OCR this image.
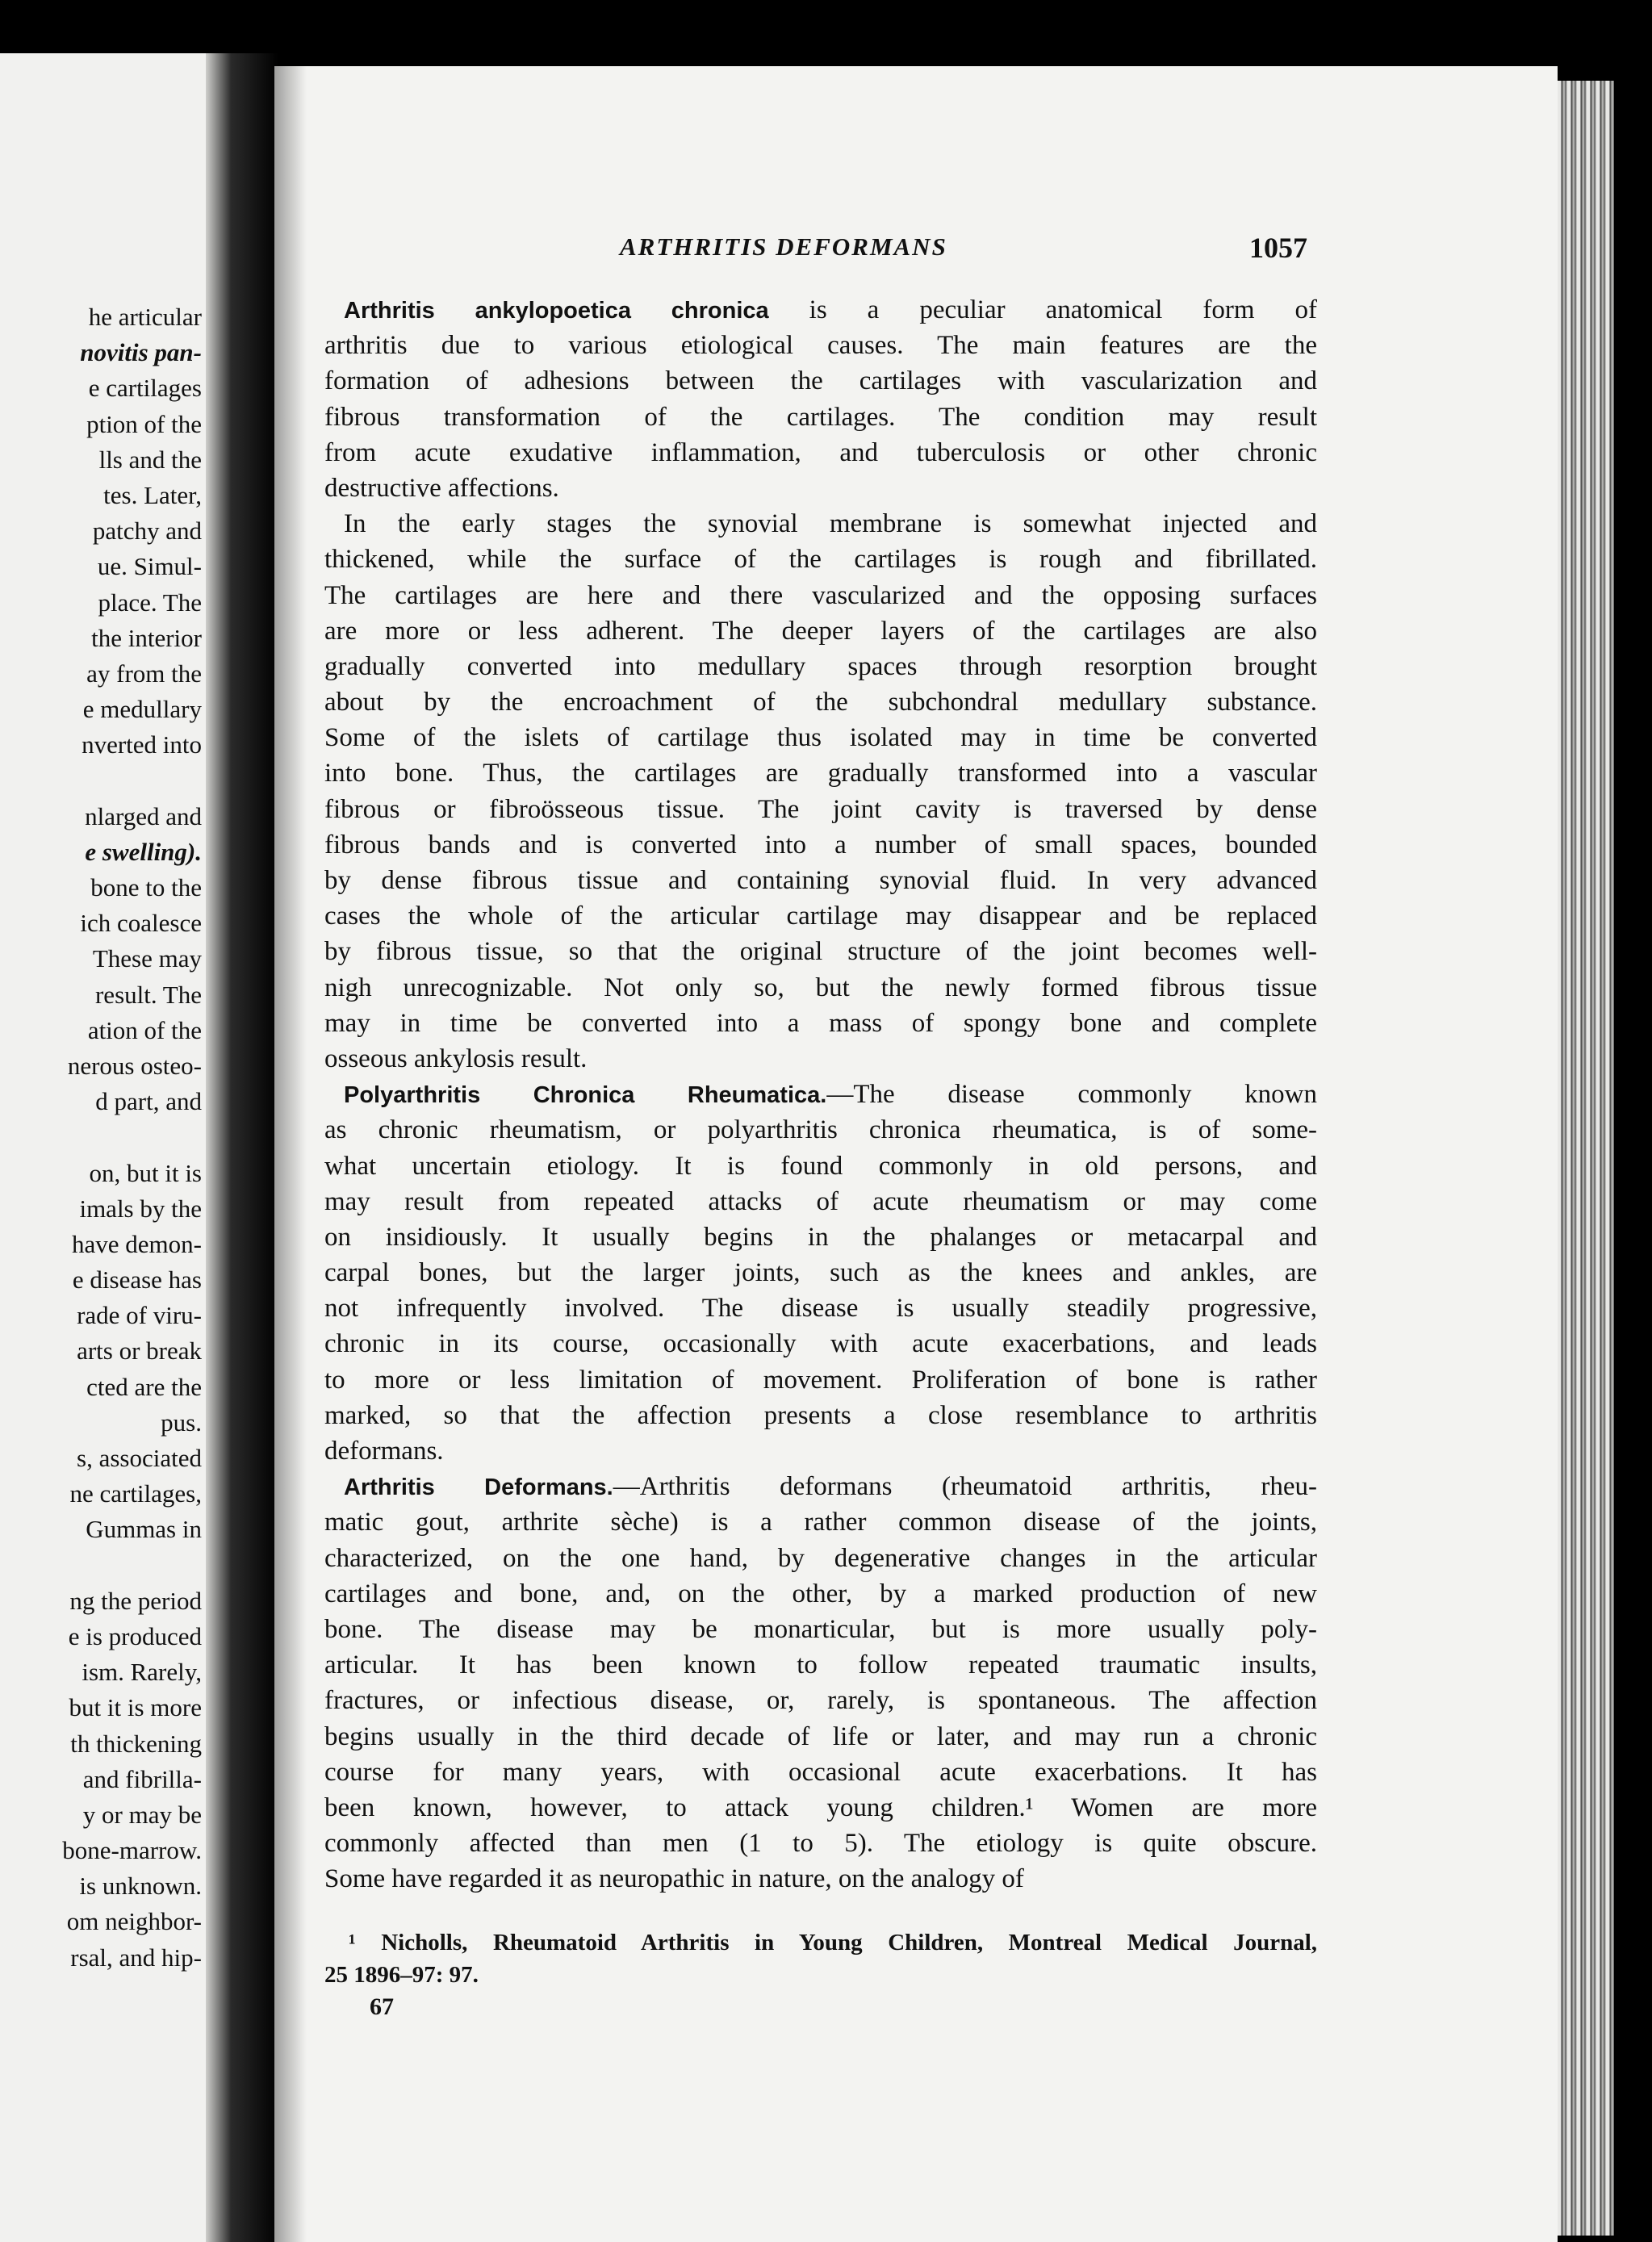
he articular
novitis pan-
e cartilages
ption of the
lls and the
tes. Later,
patchy and
ue. Simul-
place. The
the interior
ay from the
e medullary
nverted into
nlarged and
e swelling).
bone to the
ich coalesce
These may
result. The
ation of the
nerous osteo-
d part, and
on, but it is
imals by the
have demon-
e disease has
rade of viru-
arts or break
cted are the
pus.
s, associated
ne cartilages,
Gummas in
ng the period
e is produced
ism. Rarely,
but it is more
th thickening
and fibrilla-
y or may be
bone-marrow.
is unknown.
om neighbor-
rsal, and hip-
ARTHRITIS DEFORMANS	1057
Arthritis ankylopoetica chronica is a peculiar anatomical form of
arthritis due to various etiological causes. The main features are the
formation of adhesions between the cartilages with vascularization and
fibrous transformation of the cartilages. The condition may result
from acute exudative inflammation, and tuberculosis or other chronic
destructive affections.
In the early stages the synovial membrane is somewhat injected and
thickened, while the surface of the cartilages is rough and fibrillated.
The cartilages are here and there vascularized and the opposing surfaces
are more or less adherent. The deeper layers of the cartilages are also
gradually converted into medullary spaces through resorption brought
about by the encroachment of the subchondral medullary substance.
Some of the islets of cartilage thus isolated may in time be converted
into bone. Thus, the cartilages are gradually transformed into a vascular
fibrous or fibroösseous tissue. The joint cavity is traversed by dense
fibrous bands and is converted into a number of small spaces, bounded
by dense fibrous tissue and containing synovial fluid. In very advanced
cases the whole of the articular cartilage may disappear and be replaced
by fibrous tissue, so that the original structure of the joint becomes well-
nigh unrecognizable. Not only so, but the newly formed fibrous tissue
may in time be converted into a mass of spongy bone and complete
osseous ankylosis result.
Polyarthritis Chronica Rheumatica.—The disease commonly known
as chronic rheumatism, or polyarthritis chronica rheumatica, is of some-
what uncertain etiology. It is found commonly in old persons, and
may result from repeated attacks of acute rheumatism or may come
on insidiously. It usually begins in the phalanges or metacarpal and
carpal bones, but the larger joints, such as the knees and ankles, are
not infrequently involved. The disease is usually steadily progressive,
chronic in its course, occasionally with acute exacerbations, and leads
to more or less limitation of movement. Proliferation of bone is rather
marked, so that the affection presents a close resemblance to arthritis
deformans.
Arthritis Deformans.—Arthritis deformans (rheumatoid arthritis, rheu-
matic gout, arthrite sèche) is a rather common disease of the joints,
characterized, on the one hand, by degenerative changes in the articular
cartilages and bone, and, on the other, by a marked production of new
bone. The disease may be monarticular, but is more usually poly-
articular. It has been known to follow repeated traumatic insults,
fractures, or infectious disease, or, rarely, is spontaneous. The affection
begins usually in the third decade of life or later, and may run a chronic
course for many years, with occasional acute exacerbations. It has
been known, however, to attack young children.¹ Women are more
commonly affected than men (1 to 5). The etiology is quite obscure.
Some have regarded it as neuropathic in nature, on the analogy of
¹ Nicholls, Rheumatoid Arthritis in Young Children, Montreal Medical Journal,
25 1896–97: 97.
67
